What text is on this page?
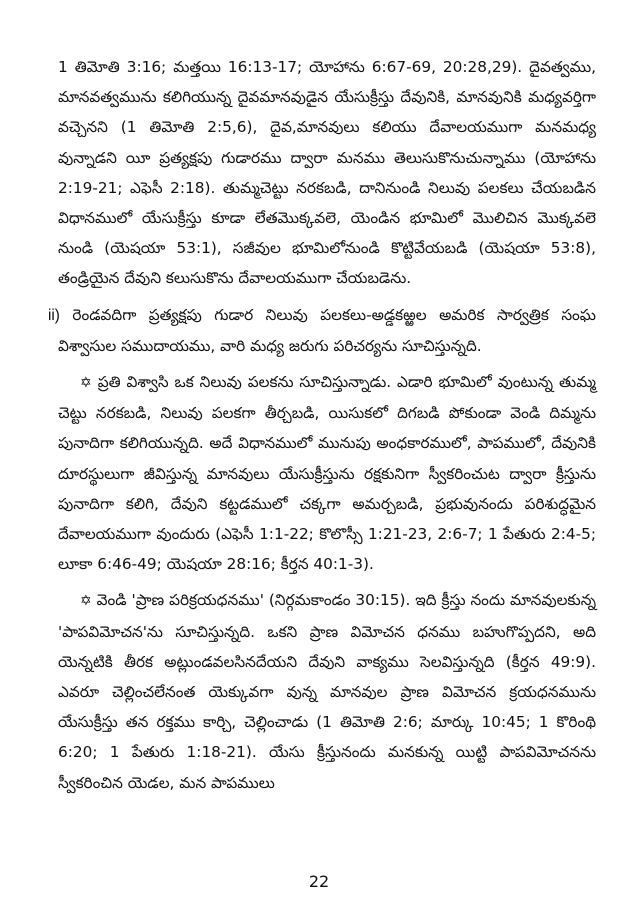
1 తిమోతి 3:16; మత్తయి 16:13-17; యోహాను 6:67-69, 20:28,29). దైవత్వము, మానవత్వమును కలిగియున్న దైవమానవుడైన యేసుక్రీస్తు దేవునికి, మానవునికి మధ్యవర్తిగా వచ్చెనని (1 తిమోతి 2:5,6), దైవ,మానవులు కలియు దేవాలయముగా మనమధ్య వున్నాడని యీ ప్రత్యక్షపు గుడారము ద్వారా మనము తెలుసుకొనుచున్నాము (యోహాను 2:19-21; ఎఫెసీ 2:18). తుమ్మచెట్టు నరకబడి, దానినుండి నిలువు పలకలు చేయబడిన విధానములో యేసుక్రీస్తు కూడా లేతమొక్కవలె, యెండిన భూమిలో మొలిచిన మొక్కవలె నుండి (యెషయా 53:1), సజీవుల భూమిలోనుండి కొట్టివేయబడి (యెషయా 53:8), తండ్రియైన దేవుని కలుసుకొను దేవాలయముగా చేయబడెను.

ii) రెండవదిగా ప్రత్యక్షపు గుడార నిలువు పలకలు-అడ్డకఱ్ఱల అమరిక సార్వత్రిక సంఘ విశ్వాసుల సముదాయము, వారి మధ్య జరుగు పరిచర్యను సూచిస్తున్నది.

✡ ప్రతి విశ్వాసి ఒక నిలువు పలకను సూచిస్తున్నాడు. ఎడారి భూమిలో వుంటున్న తుమ్మ చెట్టు నరకబడి, నిలువు పలకగా తీర్చబడి, యిసుకలో దిగబడి పోకుండా వెండి దిమ్మను పునాదిగా కలిగియున్నది. అదే విధానములో మునుపు అంధకారములో, పాపములో, దేవునికి దూరస్థులుగా జీవిస్తున్న మానవులు యేసుక్రీస్తును రక్షకునిగా స్వీకరించుట ద్వారా క్రీస్తును పునాదిగా కలిగి, దేవుని కట్టడములో చక్కగా అమర్చబడి, ప్రభువునందు పరిశుద్ధమైన దేవాలయముగా వుందురు (ఎఫెసీ 1:1-22; కొలొస్సీ 1:21-23, 2:6-7; 1 పేతురు 2:4-5; లూకా 6:46-49; యెషయా 28:16; కీర్తన 40:1-3).

✡ వెండి 'ప్రాణ పరిక్రయధనము' (నిర్గమకాండం 30:15). ఇది క్రీస్తు నందు మానవులకున్న 'పాపవిమోచన'ను సూచిస్తున్నది. ఒకని ప్రాణ విమోచన ధనము బహుగొప్పదని, అది యెన్నటికి తీరక అట్లుండవలసినదేయని దేవుని వాక్యము సెలవిస్తున్నది (కీర్తన 49:9). ఎవరూ చెల్లించలేనంత యెక్కువగా వున్న మానవుల ప్రాణ విమోచన క్రయధనమును యేసుక్రీస్తు తన రక్తము కార్చి, చెల్లించాడు (1 తిమోతి 2:6; మార్కు 10:45; 1 కొరింథి 6:20; 1 పేతురు 1:18-21). యేసు క్రీస్తునందు మనకున్న యిట్టి పాపవిమోచనను స్వీకరించిన యెడల, మన పాపములు

22
